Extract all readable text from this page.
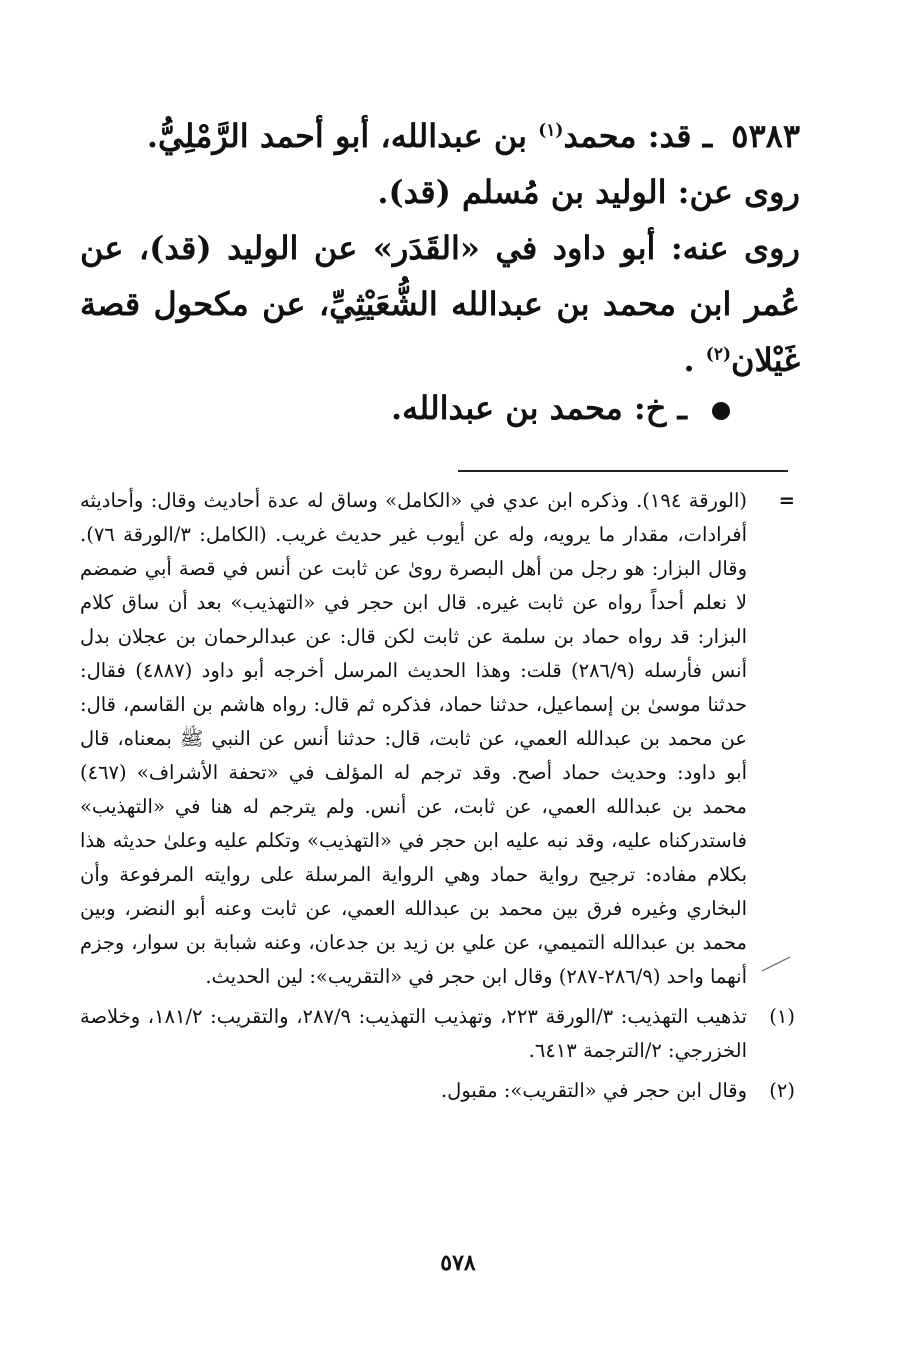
٥٣٨٣ ـ قد: محمد$^{(١)}$ بن عبدالله، أبو أحمد الرَّمْلِيُّ.

روى عن: الوليد بن مُسلم (قد).

روى عنه: أبو داود في «القَدَر» عن الوليد (قد)، عن عُمر ابن محمد بن عبدالله الشُّعَيْثِيِّ، عن مكحول قصة غَيْلان$^{(٢)}$ .

ـ خ: محمد بن عبدالله.
=
(الورقة ١٩٤). وذكره ابن عدي في «الكامل» وساق له عدة أحاديث وقال: وأحاديثه أفرادات، مقدار ما يرويه، وله عن أيوب غير حديث غريب. (الكامل: ٣/الورقة ٧٦). وقال البزار: هو رجل من أهل البصرة روىٰ عن ثابت عن أنس في قصة أبي ضمضم لا نعلم أحداً رواه عن ثابت غيره. قال ابن حجر في «التهذيب» بعد أن ساق كلام البزار: قد رواه حماد بن سلمة عن ثابت لكن قال: عن عبدالرحمان بن عجلان بدل أنس فأرسله (٢٨٦/٩) قلت: وهذا الحديث المرسل أخرجه أبو داود (٤٨٨٧) فقال: حدثنا موسىٰ بن إسماعيل، حدثنا حماد، فذكره ثم قال: رواه هاشم بن القاسم، قال: عن محمد بن عبدالله العمي، عن ثابت، قال: حدثنا أنس عن النبي ﷺ بمعناه، قال أبو داود: وحديث حماد أصح. وقد ترجم له المؤلف في «تحفة الأشراف» (٤٦٧) محمد بن عبدالله العمي، عن ثابت، عن أنس. ولم يترجم له هنا في «التهذيب» فاستدركناه عليه، وقد نبه عليه ابن حجر في «التهذيب» وتكلم عليه وعلىٰ حديثه هذا بكلام مفاده: ترجيح رواية حماد وهي الرواية المرسلة على روايته المرفوعة وأن البخاري وغيره فرق بين محمد بن عبدالله العمي، عن ثابت وعنه أبو النضر، وبين محمد بن عبدالله التميمي، عن علي بن زيد بن جدعان، وعنه شبابة بن سوار، وجزم أنهما واحد (٢٨٦/٩-٢٨٧) وقال ابن حجر في «التقريب»: لين الحديث.
(١)
تذهيب التهذيب: ٣/الورقة ٢٢٣، وتهذيب التهذيب: ٢٨٧/٩، والتقريب: ١٨١/٢، وخلاصة الخزرجي: ٢/الترجمة ٦٤١٣.
(٢)
وقال ابن حجر في «التقريب»: مقبول.
٥٧٨
